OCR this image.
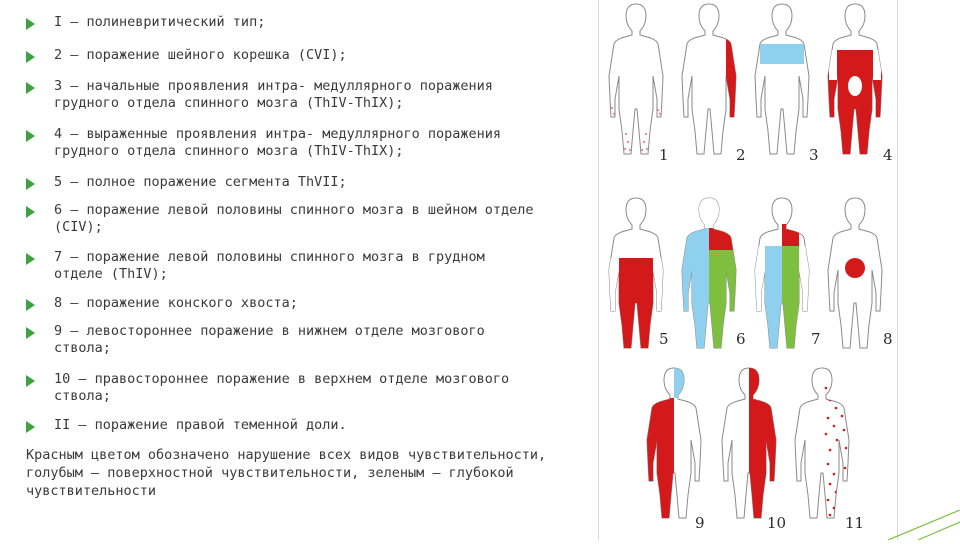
I – полиневритический тип;
2 – поражение шейного корешка (CVI);
3 – начальные проявления интра- медуллярного поражения
грудного отдела спинного мозга (ThIV-ThIX);
4 – выраженные проявления интра- медуллярного поражения
грудного отдела спинного мозга (ThIV-ThIX);
5 – полное поражение сегмента ThVII;
6 – поражение левой половины спинного мозга в шейном отделе
(CIV);
7 – поражение левой половины спинного мозга в грудном
отделе (ThIV);
8 – поражение конского хвоста;
9 – левостороннее поражение в нижнем отделе мозгового
ствола;
10 – правостороннее поражение в верхнем отделе мозгового
ствола;
II – поражение правой теменной доли.
Красным цветом обозначено нарушение всех видов чувствительности, голубым – поверхностной чувствительности, зеленым – глубокой чувствительности
1	2	3	4
5	6	7	8
9	10	11
